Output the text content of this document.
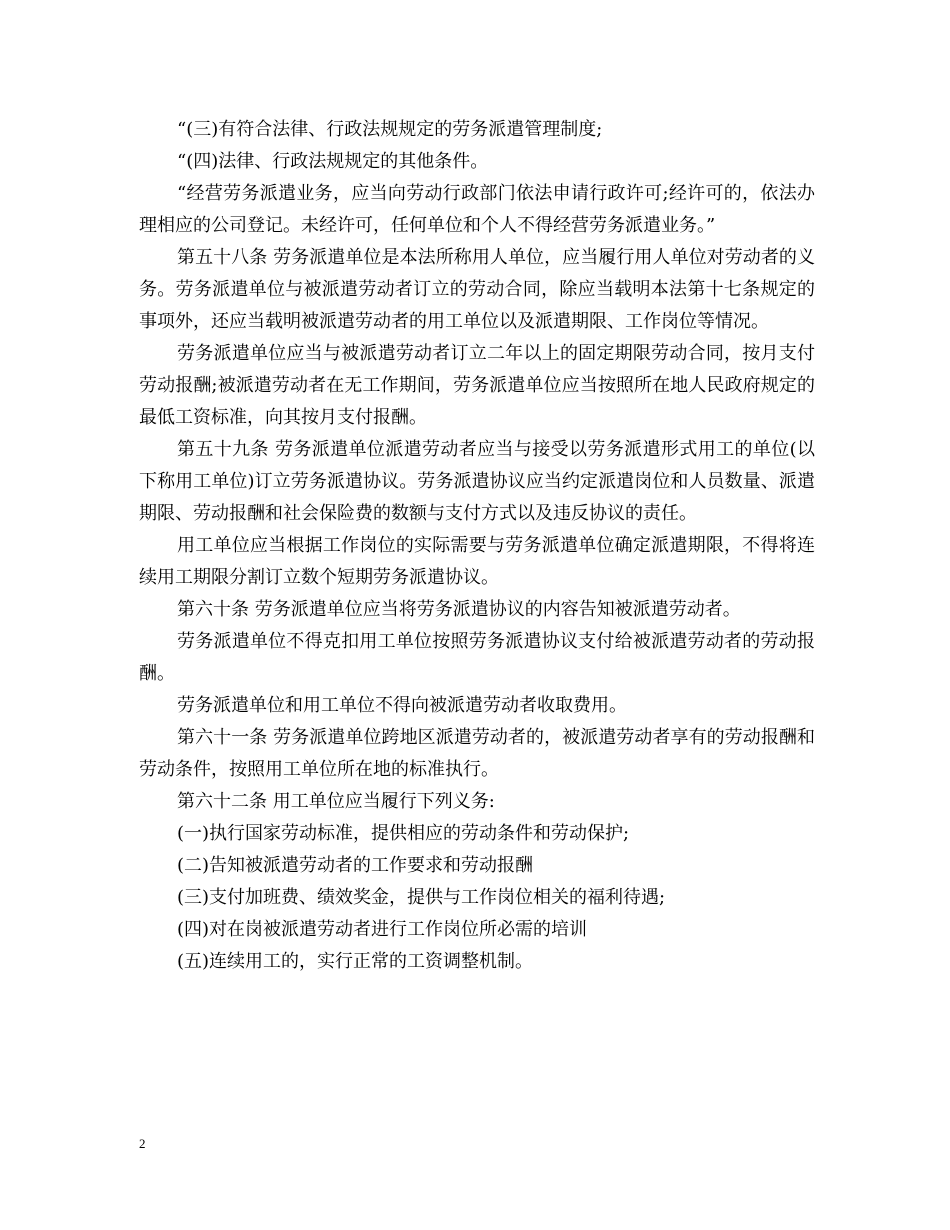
“(三)有符合法律、行政法规规定的劳务派遣管理制度;

“(四)法律、行政法规规定的其他条件。

“经营劳务派遣业务，应当向劳动行政部门依法申请行政许可;经许可的，依法办理相应的公司登记。未经许可，任何单位和个人不得经营劳务派遣业务。”

第五十八条 劳务派遣单位是本法所称用人单位，应当履行用人单位对劳动者的义务。劳务派遣单位与被派遣劳动者订立的劳动合同，除应当载明本法第十七条规定的事项外，还应当载明被派遣劳动者的用工单位以及派遣期限、工作岗位等情况。

劳务派遣单位应当与被派遣劳动者订立二年以上的固定期限劳动合同，按月支付劳动报酬;被派遣劳动者在无工作期间，劳务派遣单位应当按照所在地人民政府规定的最低工资标准，向其按月支付报酬。

第五十九条 劳务派遣单位派遣劳动者应当与接受以劳务派遣形式用工的单位(以下称用工单位)订立劳务派遣协议。劳务派遣协议应当约定派遣岗位和人员数量、派遣期限、劳动报酬和社会保险费的数额与支付方式以及违反协议的责任。

用工单位应当根据工作岗位的实际需要与劳务派遣单位确定派遣期限，不得将连续用工期限分割订立数个短期劳务派遣协议。

第六十条 劳务派遣单位应当将劳务派遣协议的内容告知被派遣劳动者。

劳务派遣单位不得克扣用工单位按照劳务派遣协议支付给被派遣劳动者的劳动报酬。

劳务派遣单位和用工单位不得向被派遣劳动者收取费用。

第六十一条 劳务派遣单位跨地区派遣劳动者的，被派遣劳动者享有的劳动报酬和劳动条件，按照用工单位所在地的标准执行。

第六十二条 用工单位应当履行下列义务:

(一)执行国家劳动标准，提供相应的劳动条件和劳动保护;

(二)告知被派遣劳动者的工作要求和劳动报酬

(三)支付加班费、绩效奖金，提供与工作岗位相关的福利待遇;

(四)对在岗被派遣劳动者进行工作岗位所必需的培训

(五)连续用工的，实行正常的工资调整机制。

2
